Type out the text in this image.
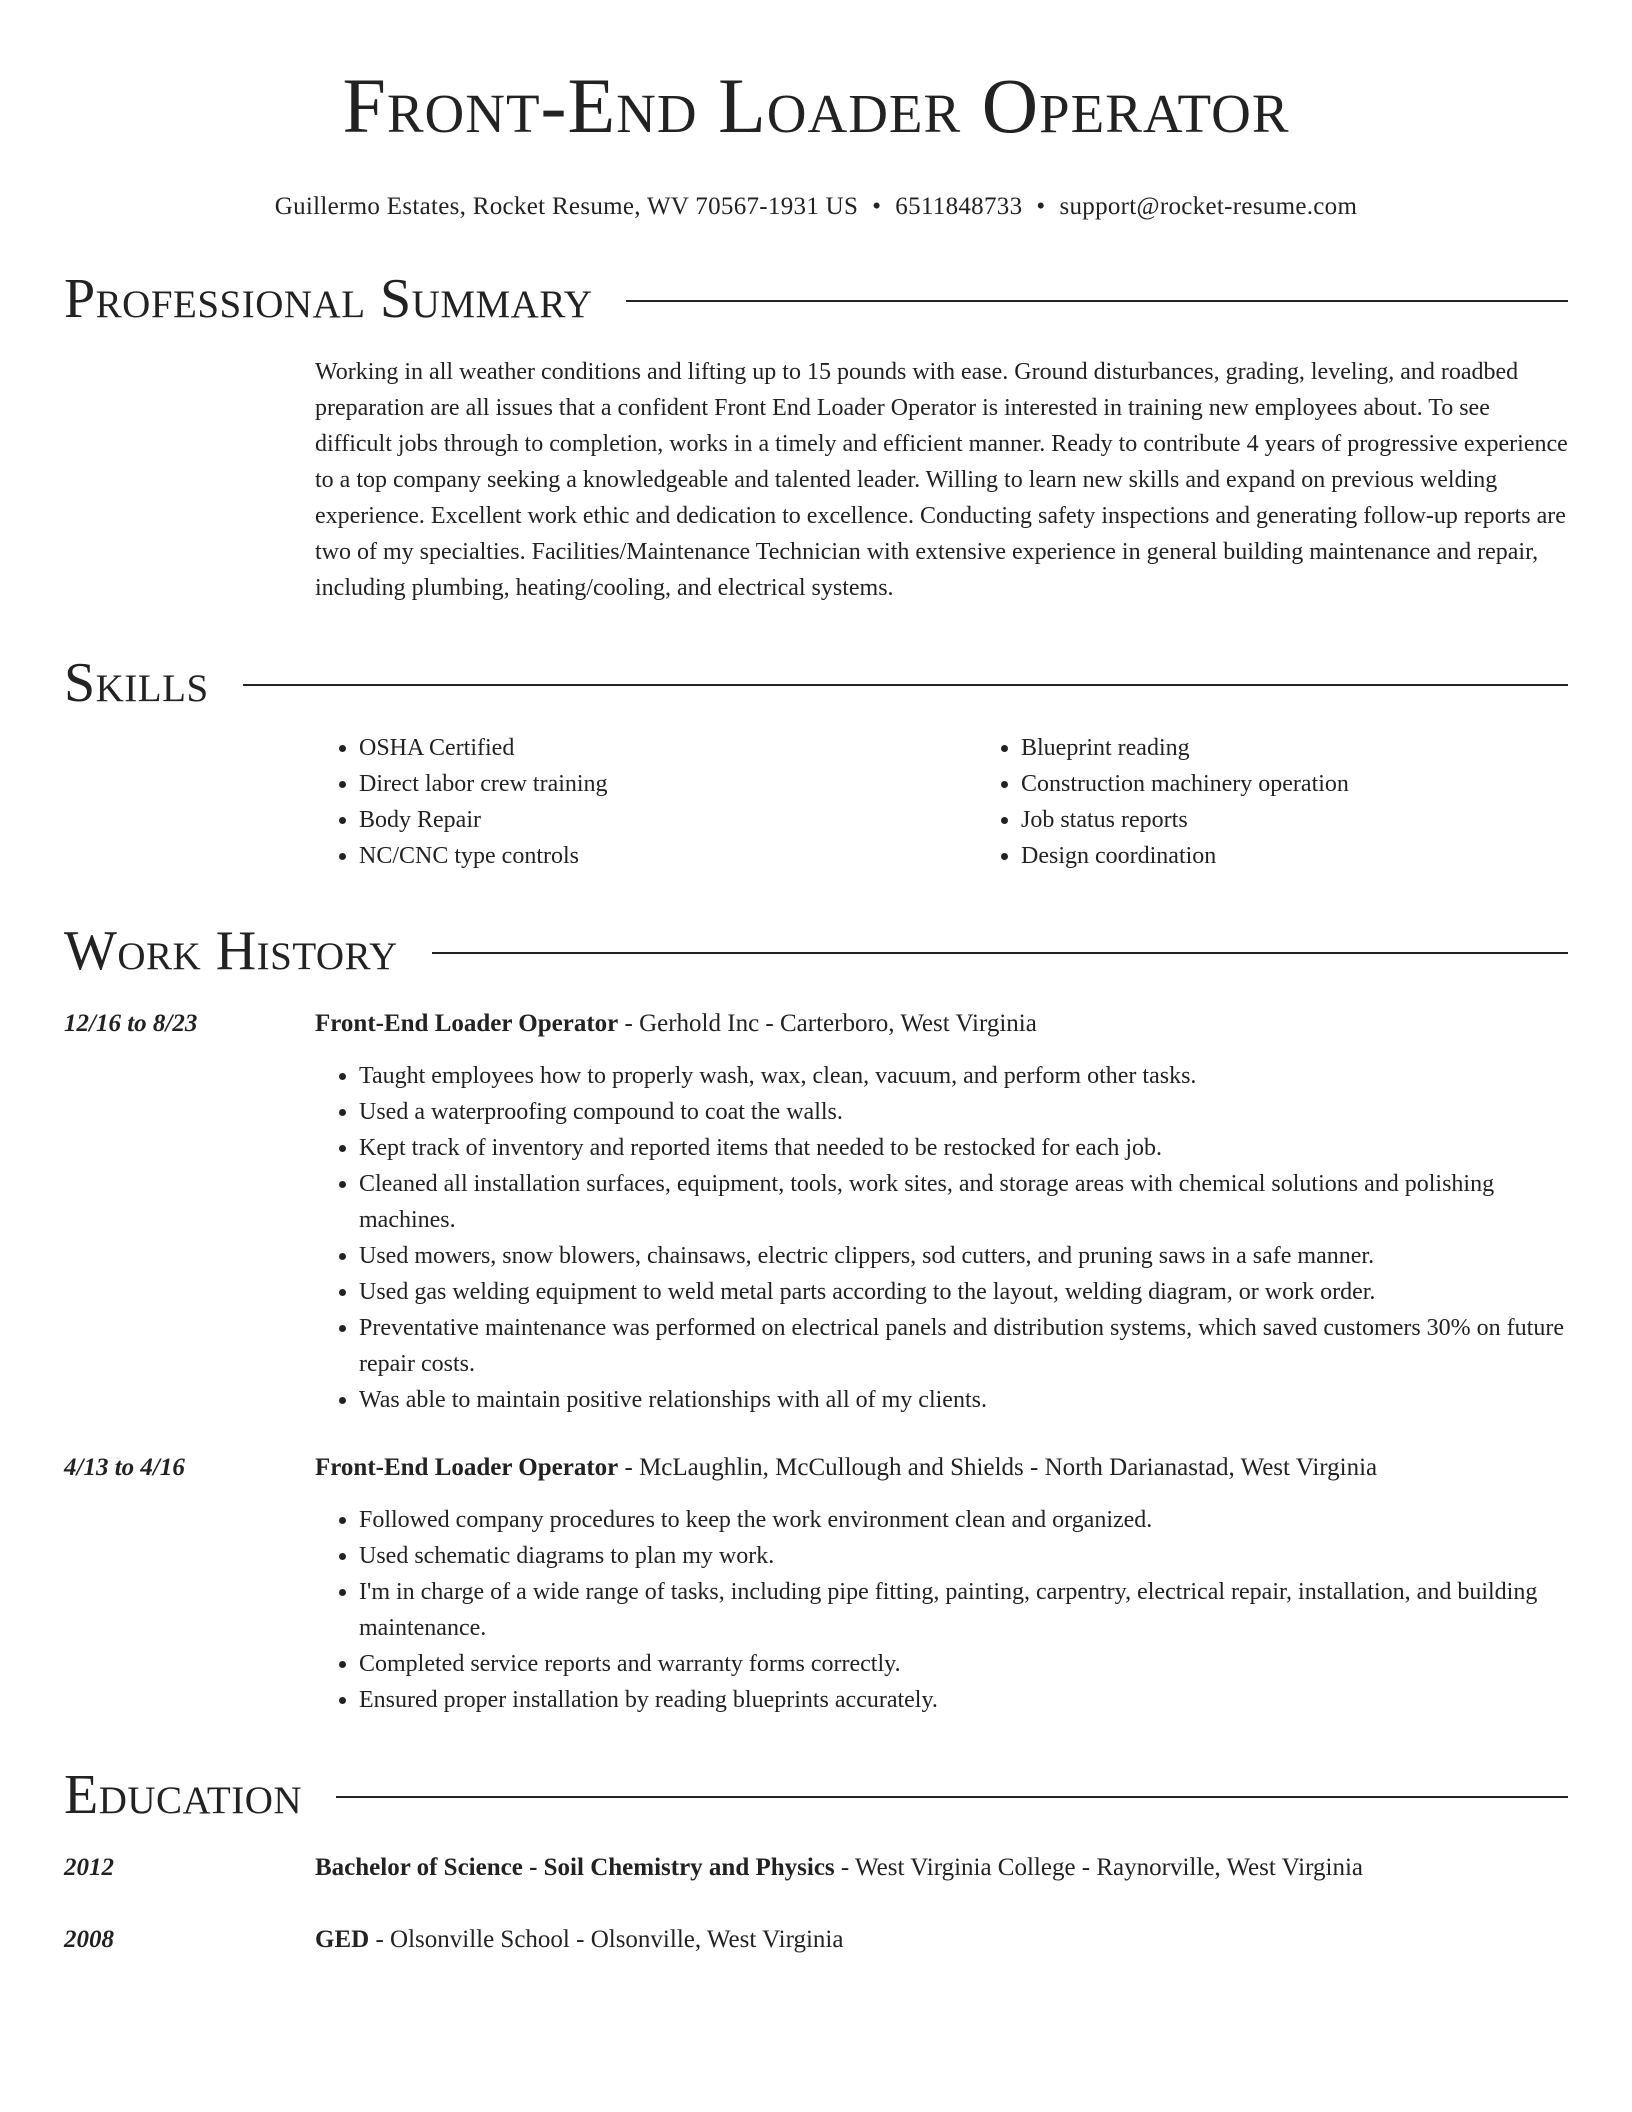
Front-End Loader Operator
Guillermo Estates, Rocket Resume, WV 70567-1931 US • 6511848733 • support@rocket-resume.com
Professional Summary
Working in all weather conditions and lifting up to 15 pounds with ease. Ground disturbances, grading, leveling, and roadbed preparation are all issues that a confident Front End Loader Operator is interested in training new employees about. To see difficult jobs through to completion, works in a timely and efficient manner. Ready to contribute 4 years of progressive experience to a top company seeking a knowledgeable and talented leader. Willing to learn new skills and expand on previous welding experience. Excellent work ethic and dedication to excellence. Conducting safety inspections and generating follow-up reports are two of my specialties. Facilities/Maintenance Technician with extensive experience in general building maintenance and repair, including plumbing, heating/cooling, and electrical systems.
Skills
• OSHA Certified
• Direct labor crew training
• Body Repair
• NC/CNC type controls
• Blueprint reading
• Construction machinery operation
• Job status reports
• Design coordination
Work History
12/16 to 8/23	Front-End Loader Operator - Gerhold Inc - Carterboro, West Virginia
• Taught employees how to properly wash, wax, clean, vacuum, and perform other tasks.
• Used a waterproofing compound to coat the walls.
• Kept track of inventory and reported items that needed to be restocked for each job.
• Cleaned all installation surfaces, equipment, tools, work sites, and storage areas with chemical solutions and polishing machines.
• Used mowers, snow blowers, chainsaws, electric clippers, sod cutters, and pruning saws in a safe manner.
• Used gas welding equipment to weld metal parts according to the layout, welding diagram, or work order.
• Preventative maintenance was performed on electrical panels and distribution systems, which saved customers 30% on future repair costs.
• Was able to maintain positive relationships with all of my clients.
4/13 to 4/16	Front-End Loader Operator - McLaughlin, McCullough and Shields - North Darianastad, West Virginia
• Followed company procedures to keep the work environment clean and organized.
• Used schematic diagrams to plan my work.
• I'm in charge of a wide range of tasks, including pipe fitting, painting, carpentry, electrical repair, installation, and building maintenance.
• Completed service reports and warranty forms correctly.
• Ensured proper installation by reading blueprints accurately.
Education
2012	Bachelor of Science - Soil Chemistry and Physics - West Virginia College - Raynorville, West Virginia
2008	GED - Olsonville School - Olsonville, West Virginia
